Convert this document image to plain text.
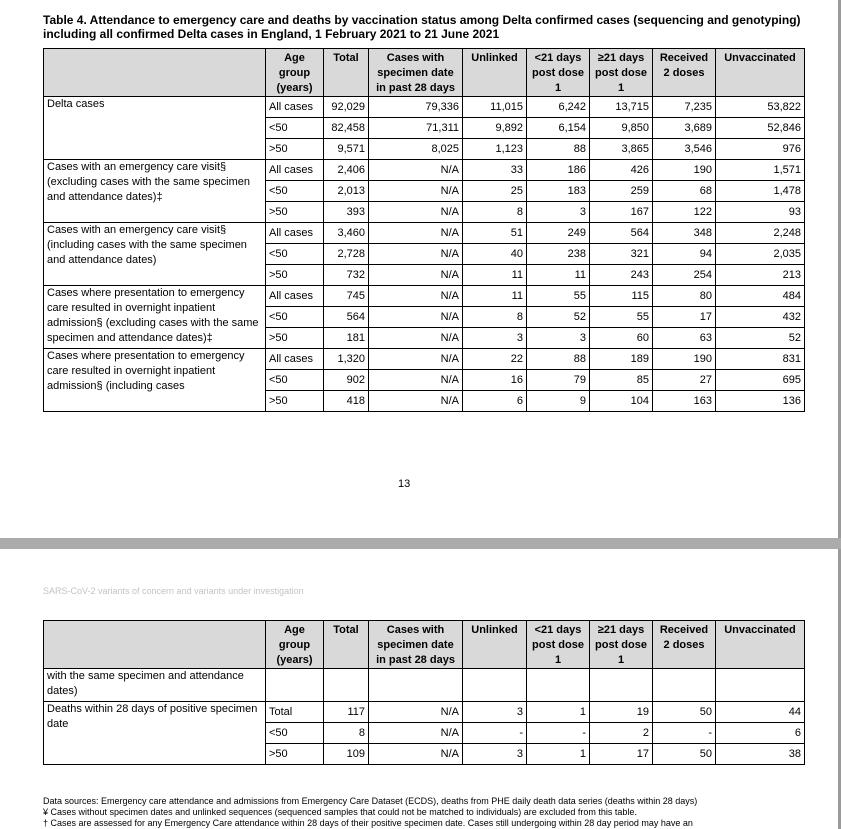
Table 4. Attendance to emergency care and deaths by vaccination status among Delta confirmed cases (sequencing and genotyping) including all confirmed Delta cases in England, 1 February 2021 to 21 June 2021
	Age group (years)	Total	Cases with specimen date in past 28 days	Unlinked	<21 days post dose 1	≥21 days post dose 1	Received 2 doses	Unvaccinated
Delta cases	All cases	92,029	79,336	11,015	6,242	13,715	7,235	53,822
	<50	82,458	71,311	9,892	6,154	9,850	3,689	52,846
	>50	9,571	8,025	1,123	88	3,865	3,546	976
Cases with an emergency care visit§ (excluding cases with the same specimen and attendance dates)‡	All cases	2,406	N/A	33	186	426	190	1,571
	<50	2,013	N/A	25	183	259	68	1,478
	>50	393	N/A	8	3	167	122	93
Cases with an emergency care visit§ (including cases with the same specimen and attendance dates)	All cases	3,460	N/A	51	249	564	348	2,248
	<50	2,728	N/A	40	238	321	94	2,035
	>50	732	N/A	11	11	243	254	213
Cases where presentation to emergency care resulted in overnight inpatient admission§ (excluding cases with the same specimen and attendance dates)‡	All cases	745	N/A	11	55	115	80	484
	<50	564	N/A	8	52	55	17	432
	>50	181	N/A	3	3	60	63	52
Cases where presentation to emergency care resulted in overnight inpatient admission§ (including cases	All cases	1,320	N/A	22	88	189	190	831
	<50	902	N/A	16	79	85	27	695
	>50	418	N/A	6	9	104	163	136
13
SARS-CoV-2 variants of concern and variants under investigation
	Age group (years)	Total	Cases with specimen date in past 28 days	Unlinked	<21 days post dose 1	≥21 days post dose 1	Received 2 doses	Unvaccinated
with the same specimen and attendance dates)								
Deaths within 28 days of positive specimen date	Total	117	N/A	3	1	19	50	44
	<50	8	N/A	-	-	2	-	6
	>50	109	N/A	3	1	17	50	38
Data sources: Emergency care attendance and admissions from Emergency Care Dataset (ECDS), deaths from PHE daily death data series (deaths within 28 days)
¥ Cases without specimen dates and unlinked sequences (sequenced samples that could not be matched to individuals) are excluded from this table.
† Cases are assessed for any Emergency Care attendance within 28 days of their positive specimen date. Cases still undergoing within 28 day period may have an
